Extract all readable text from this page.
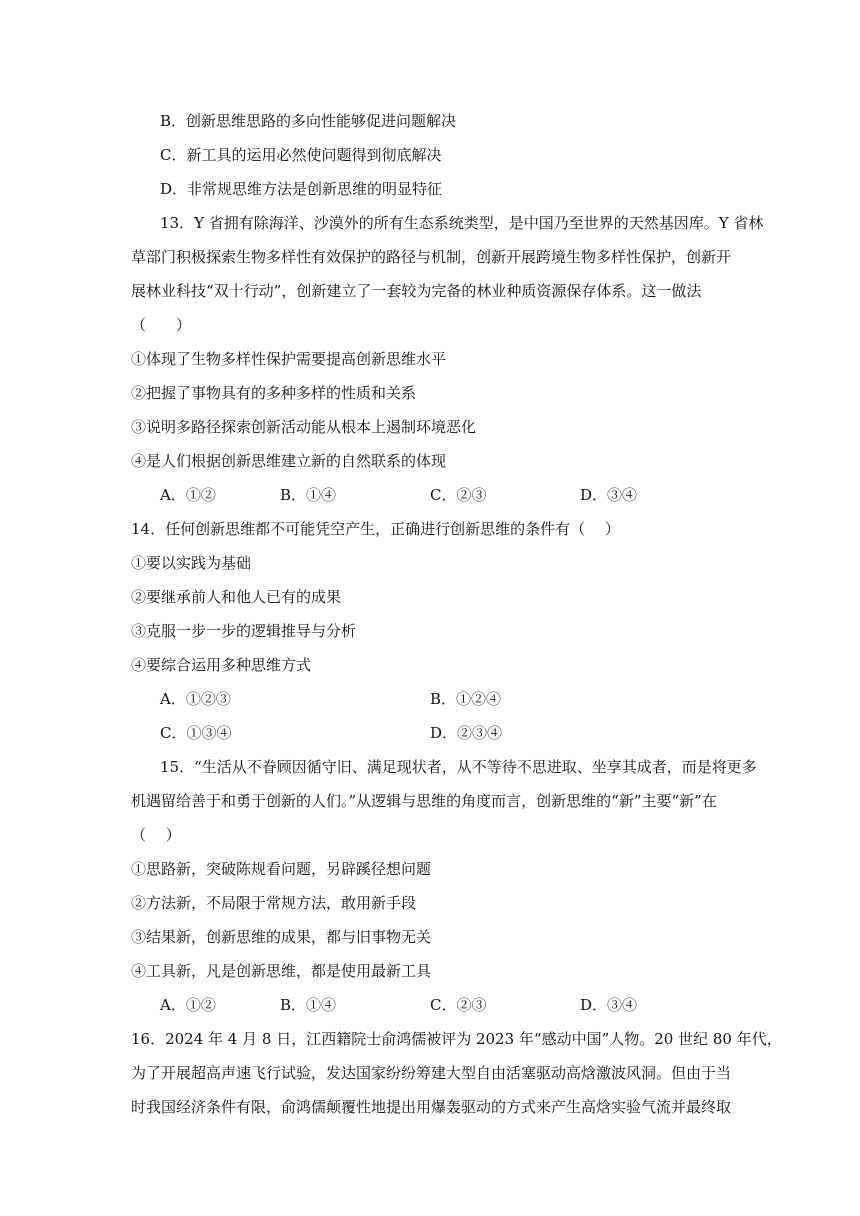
B．创新思维思路的多向性能够促进问题解决
C．新工具的运用必然使问题得到彻底解决
D．非常规思维方法是创新思维的明显特征
13．Y 省拥有除海洋、沙漠外的所有生态系统类型，是中国乃至世界的天然基因库。Y 省林
草部门积极探索生物多样性有效保护的路径与机制，创新开展跨境生物多样性保护，创新开
展林业科技“双十行动”，创新建立了一套较为完备的林业种质资源保存体系。这一做法
（　　）
①体现了生物多样性保护需要提高创新思维水平
②把握了事物具有的多种多样的性质和关系
③说明多路径探索创新活动能从根本上遏制环境恶化
④是人们根据创新思维建立新的自然联系的体现
A．①②	B．①④	C．②③	D．③④
14．任何创新思维都不可能凭空产生，正确进行创新思维的条件有（　 ）
①要以实践为基础
②要继承前人和他人已有的成果
③克服一步一步的逻辑推导与分析
④要综合运用多种思维方式
A．①②③	B．①②④
C．①③④	D．②③④
15．“生活从不眷顾因循守旧、满足现状者，从不等待不思进取、坐享其成者，而是将更多
机遇留给善于和勇于创新的人们。”从逻辑与思维的角度而言，创新思维的“新”主要“新”在
（　 ）
①思路新，突破陈规看问题，另辟蹊径想问题
②方法新，不局限于常规方法，敢用新手段
③结果新，创新思维的成果，都与旧事物无关
④工具新，凡是创新思维，都是使用最新工具
A．①②	B．①④	C．②③	D．③④
16．2024 年 4 月 8 日，江西籍院士俞鸿儒被评为 2023 年“感动中国”人物。20 世纪 80 年代，
为了开展超高声速飞行试验，发达国家纷纷筹建大型自由活塞驱动高焓激波风洞。但由于当
时我国经济条件有限，俞鸿儒颠覆性地提出用爆轰驱动的方式来产生高焓实验气流并最终取
